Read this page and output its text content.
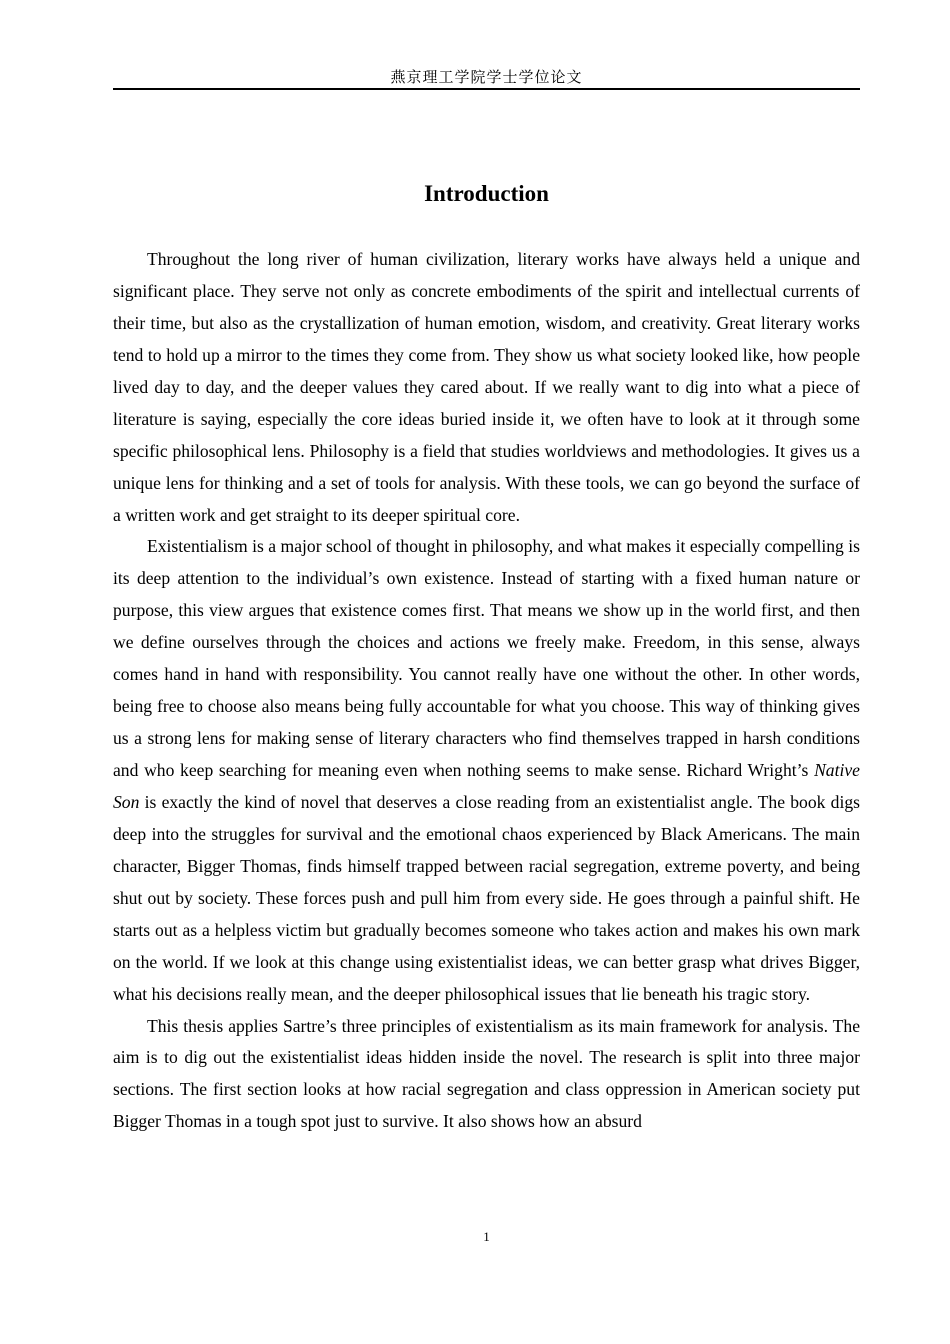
燕京理工学院学士学位论文
Introduction

Throughout the long river of human civilization, literary works have always held a unique and significant place. They serve not only as concrete embodiments of the spirit and intellectual currents of their time, but also as the crystallization of human emotion, wisdom, and creativity. Great literary works tend to hold up a mirror to the times they come from. They show us what society looked like, how people lived day to day, and the deeper values they cared about. If we really want to dig into what a piece of literature is saying, especially the core ideas buried inside it, we often have to look at it through some specific philosophical lens. Philosophy is a field that studies worldviews and methodologies. It gives us a unique lens for thinking and a set of tools for analysis. With these tools, we can go beyond the surface of a written work and get straight to its deeper spiritual core.

Existentialism is a major school of thought in philosophy, and what makes it especially compelling is its deep attention to the individual’s own existence. Instead of starting with a fixed human nature or purpose, this view argues that existence comes first. That means we show up in the world first, and then we define ourselves through the choices and actions we freely make. Freedom, in this sense, always comes hand in hand with responsibility. You cannot really have one without the other. In other words, being free to choose also means being fully accountable for what you choose. This way of thinking gives us a strong lens for making sense of literary characters who find themselves trapped in harsh conditions and who keep searching for meaning even when nothing seems to make sense. Richard Wright’s Native Son is exactly the kind of novel that deserves a close reading from an existentialist angle. The book digs deep into the struggles for survival and the emotional chaos experienced by Black Americans. The main character, Bigger Thomas, finds himself trapped between racial segregation, extreme poverty, and being shut out by society. These forces push and pull him from every side. He goes through a painful shift. He starts out as a helpless victim but gradually becomes someone who takes action and makes his own mark on the world. If we look at this change using existentialist ideas, we can better grasp what drives Bigger, what his decisions really mean, and the deeper philosophical issues that lie beneath his tragic story.

This thesis applies Sartre’s three principles of existentialism as its main framework for analysis. The aim is to dig out the existentialist ideas hidden inside the novel. The research is split into three major sections. The first section looks at how racial segregation and class oppression in American society put Bigger Thomas in a tough spot just to survive. It also shows how an absurd

1
